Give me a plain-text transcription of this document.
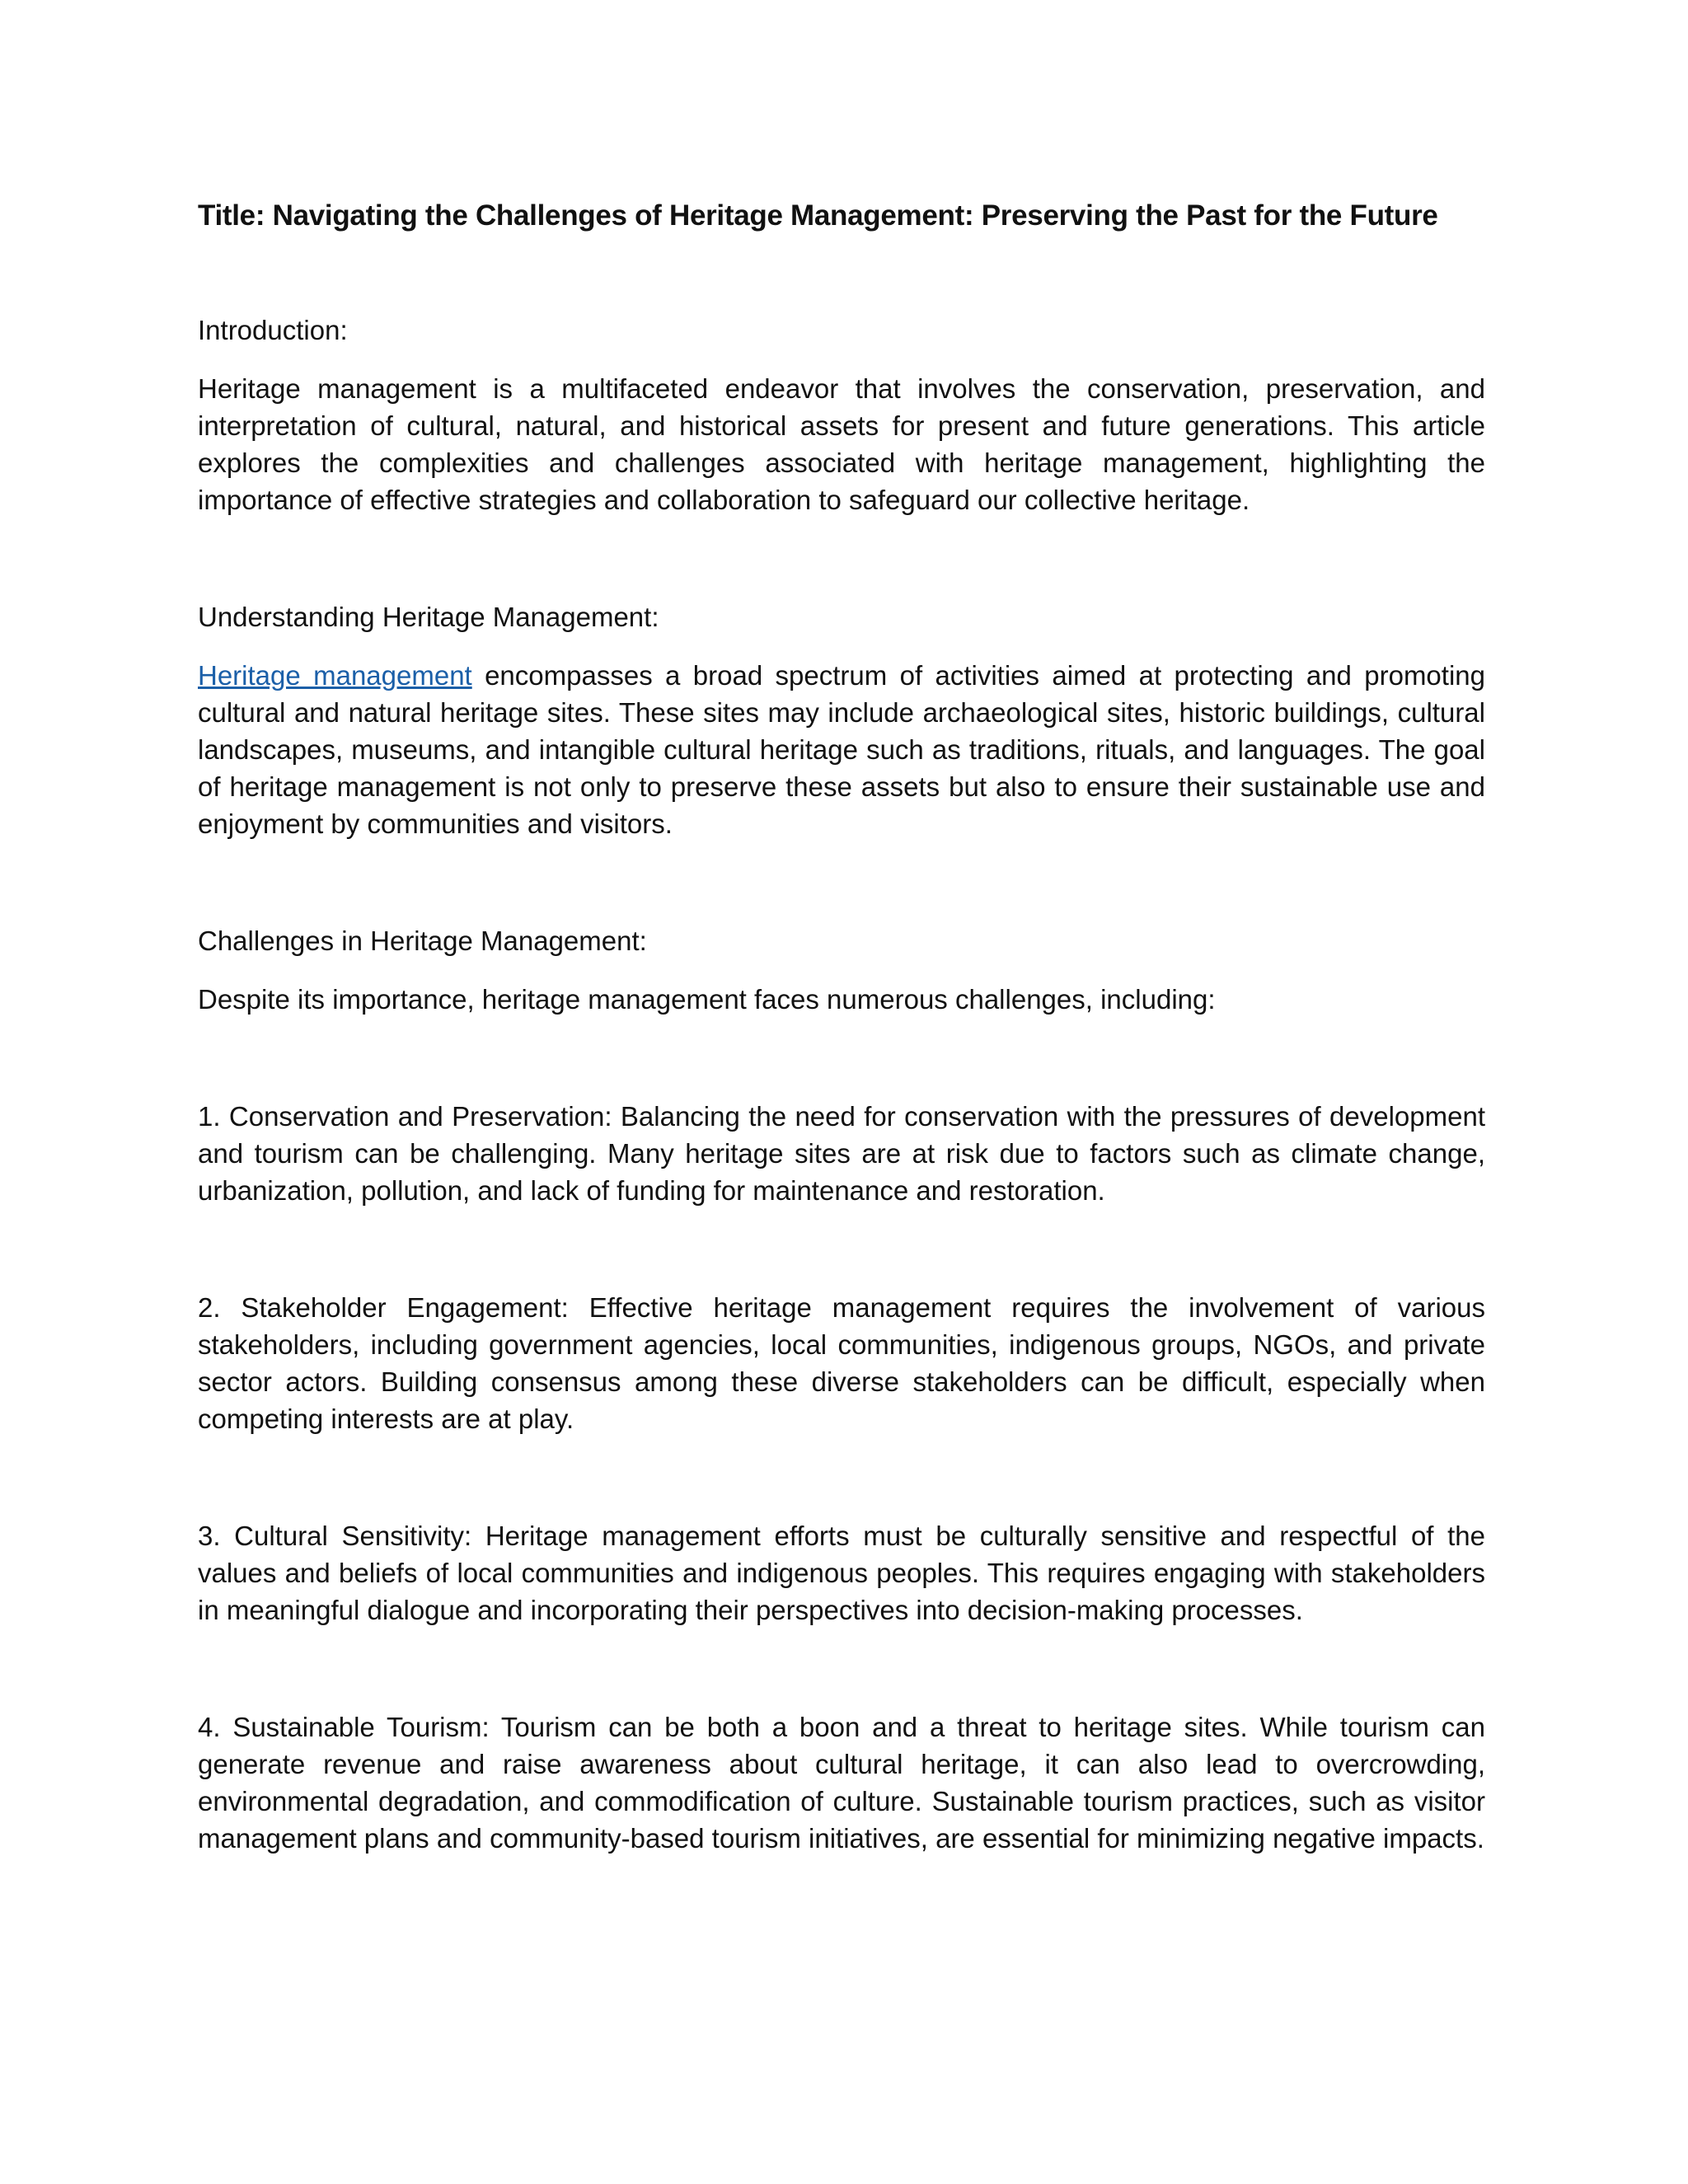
Title: Navigating the Challenges of Heritage Management: Preserving the Past for the Future

Introduction:

Heritage management is a multifaceted endeavor that involves the conservation, preservation, and interpretation of cultural, natural, and historical assets for present and future generations. This article explores the complexities and challenges associated with heritage management, highlighting the importance of effective strategies and collaboration to safeguard our collective heritage.

Understanding Heritage Management:

Heritage management encompasses a broad spectrum of activities aimed at protecting and promoting cultural and natural heritage sites. These sites may include archaeological sites, historic buildings, cultural landscapes, museums, and intangible cultural heritage such as traditions, rituals, and languages. The goal of heritage management is not only to preserve these assets but also to ensure their sustainable use and enjoyment by communities and visitors.

Challenges in Heritage Management:

Despite its importance, heritage management faces numerous challenges, including:

1. Conservation and Preservation: Balancing the need for conservation with the pressures of development and tourism can be challenging. Many heritage sites are at risk due to factors such as climate change, urbanization, pollution, and lack of funding for maintenance and restoration.

2. Stakeholder Engagement: Effective heritage management requires the involvement of various stakeholders, including government agencies, local communities, indigenous groups, NGOs, and private sector actors. Building consensus among these diverse stakeholders can be difficult, especially when competing interests are at play.

3. Cultural Sensitivity: Heritage management efforts must be culturally sensitive and respectful of the values and beliefs of local communities and indigenous peoples. This requires engaging with stakeholders in meaningful dialogue and incorporating their perspectives into decision-making processes.

4. Sustainable Tourism: Tourism can be both a boon and a threat to heritage sites. While tourism can generate revenue and raise awareness about cultural heritage, it can also lead to overcrowding, environmental degradation, and commodification of culture. Sustainable tourism practices, such as visitor management plans and community-based tourism initiatives, are essential for minimizing negative impacts.
